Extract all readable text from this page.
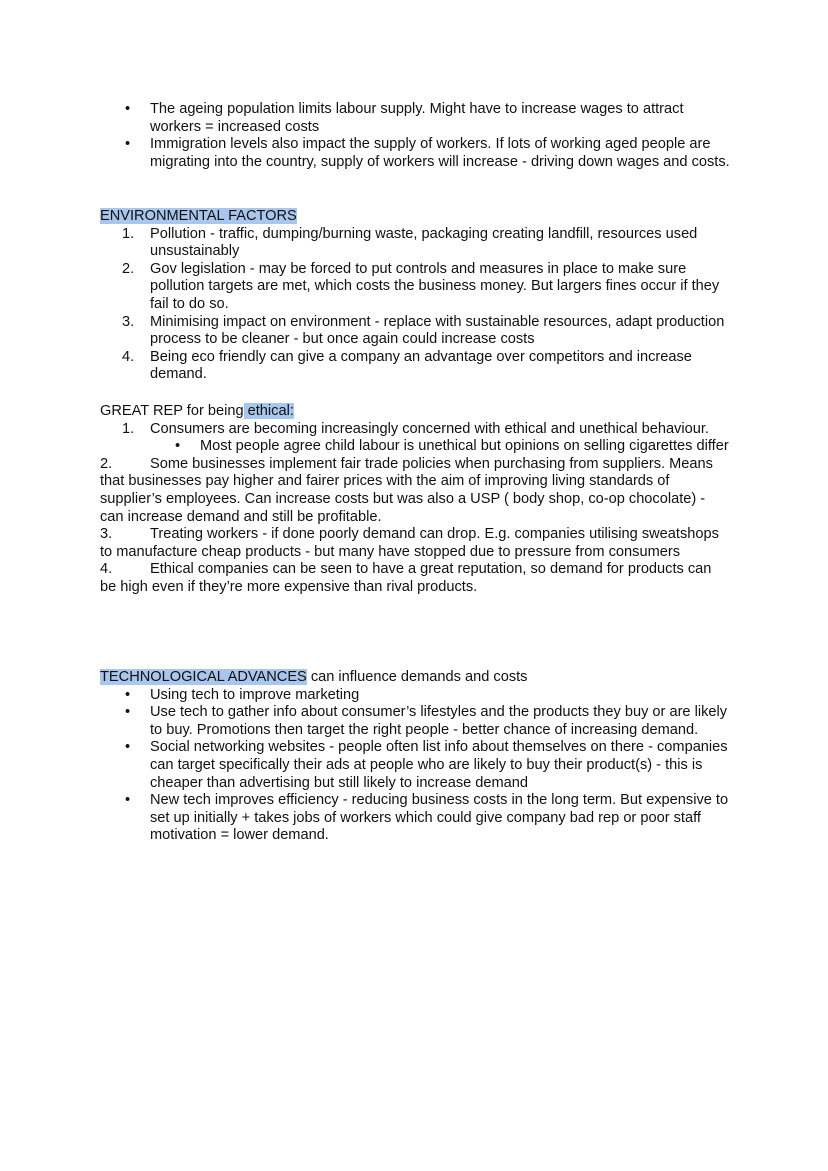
• The ageing population limits labour supply. Might have to increase wages to attract workers = increased costs
• Immigration levels also impact the supply of workers. If lots of working aged people are migrating into the country, supply of workers will increase - driving down wages and costs.

ENVIRONMENTAL FACTORS

1. Pollution - traffic, dumping/burning waste, packaging creating landfill, resources used unsustainably
2. Gov legislation - may be forced to put controls and measures in place to make sure pollution targets are met, which costs the business money. But largers fines occur if they fail to do so.
3. Minimising impact on environment - replace with sustainable resources, adapt production process to be cleaner - but once again could increase costs
4. Being eco friendly can give a company an advantage over competitors and increase demand.

GREAT REP for being ethical:

1. Consumers are becoming increasingly concerned with ethical and unethical behaviour.
• Most people agree child labour is unethical but opinions on selling cigarettes differ

2.	Some businesses implement fair trade policies when purchasing from suppliers. Means that businesses pay higher and fairer prices with the aim of improving living standards of supplier’s employees. Can increase costs but was also a USP ( body shop, co-op chocolate) - can increase demand and still be profitable.

3.	Treating workers - if done poorly demand can drop. E.g. companies utilising sweatshops to manufacture cheap products - but many have stopped due to pressure from consumers

4.	Ethical companies can be seen to have a great reputation, so demand for products can be high even if they’re more expensive than rival products.

TECHNOLOGICAL ADVANCES can influence demands and costs

• Using tech to improve marketing
• Use tech to gather info about consumer’s lifestyles and the products they buy or are likely to buy. Promotions then target the right people - better chance of increasing demand.
• Social networking websites - people often list info about themselves on there - companies can target specifically their ads at people who are likely to buy their product(s) - this is cheaper than advertising but still likely to increase demand
• New tech improves efficiency - reducing business costs in the long term. But expensive to set up initially + takes jobs of workers which could give company bad rep or poor staff motivation = lower demand.
